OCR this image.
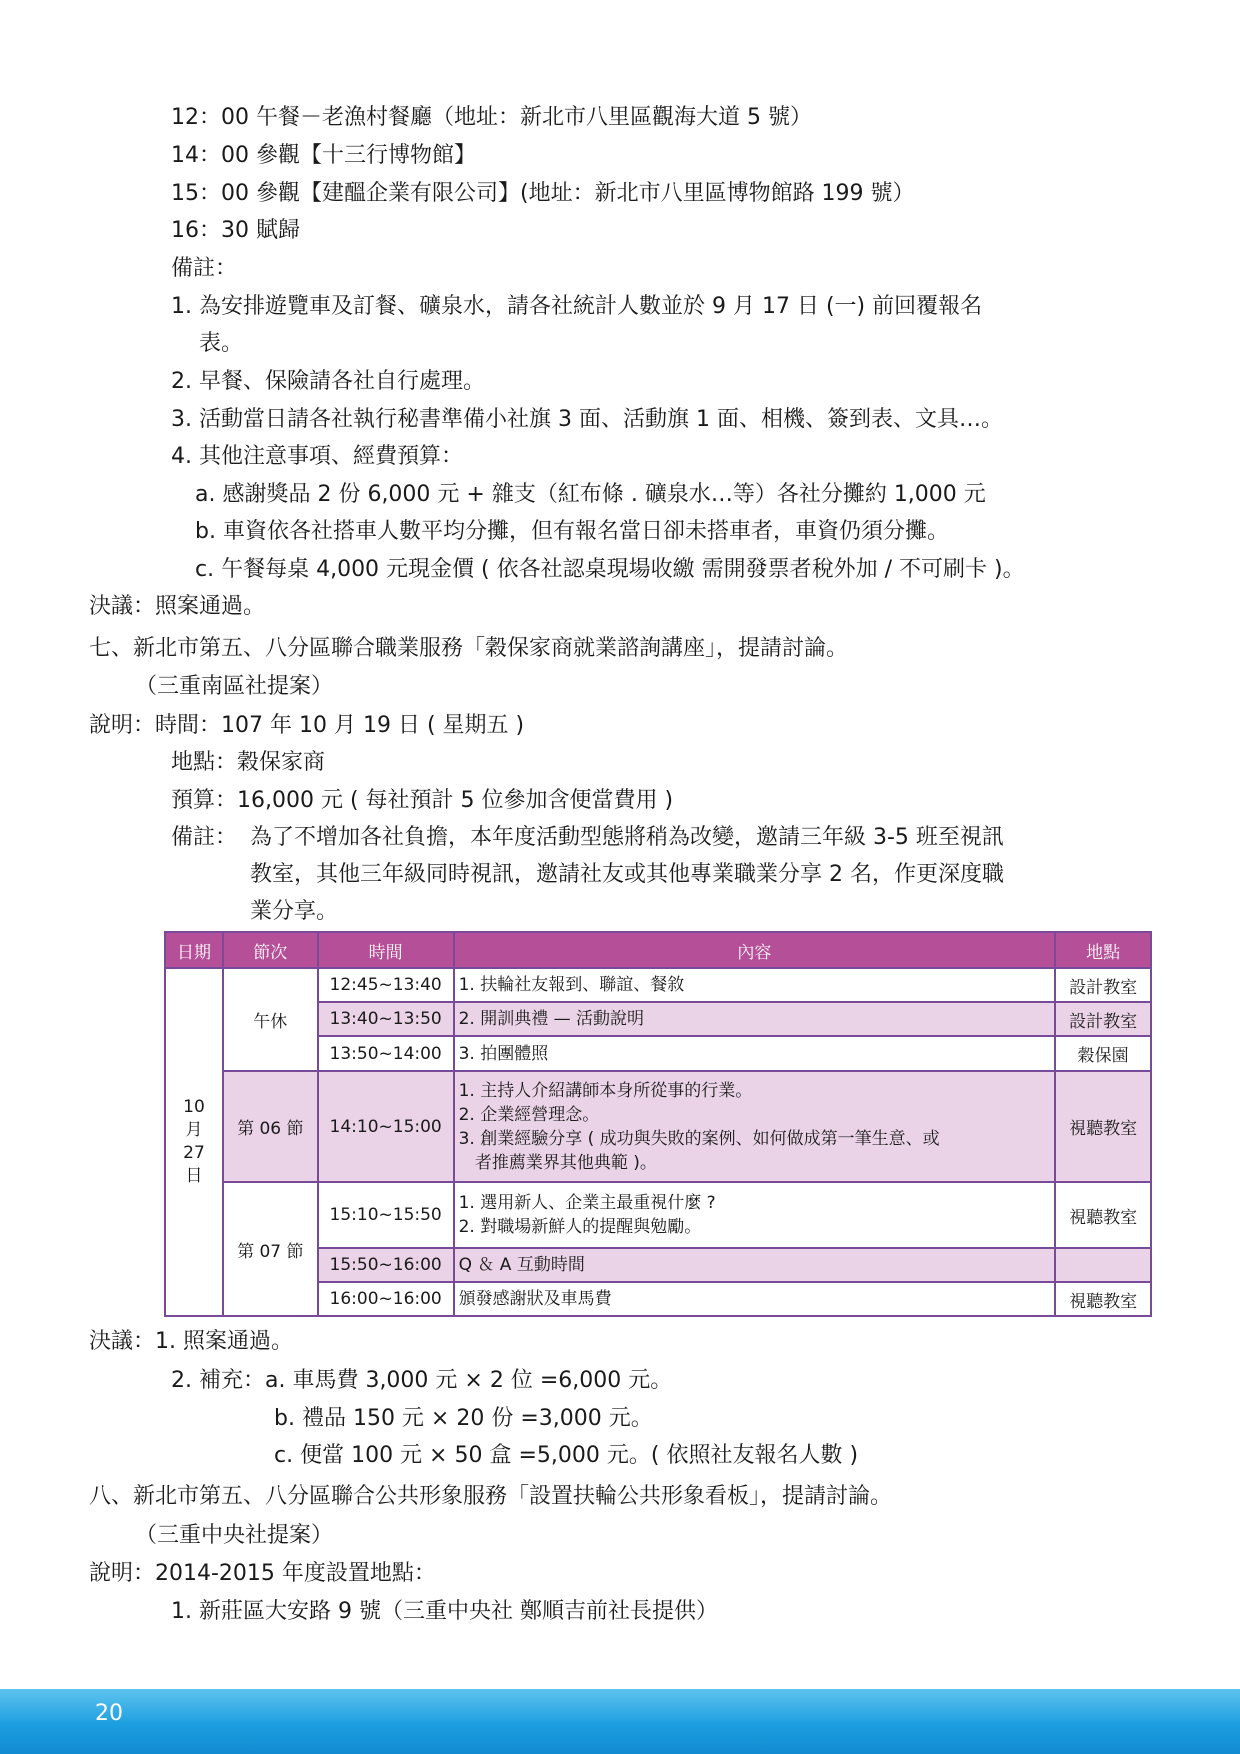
12：00 午餐－老漁村餐廳（地址：新北市八里區觀海大道 5 號）
14：00 參觀【十三行博物館】
15：00 參觀【建醞企業有限公司】(地址：新北市八里區博物館路 199 號）
16：30 賦歸
備註：
1. 為安排遊覽車及訂餐、礦泉水，請各社統計人數並於 9 月 17 日 (一) 前回覆報名
表。
2. 早餐、保險請各社自行處理。
3. 活動當日請各社執行秘書準備小社旗 3 面、活動旗 1 面、相機、簽到表、文具…。
4. 其他注意事項、經費預算：
a. 感謝獎品 2 份 6,000 元 + 雜支（紅布條 . 礦泉水…等）各社分攤約 1,000 元
b. 車資依各社搭車人數平均分攤，但有報名當日卻未搭車者，車資仍須分攤。
c. 午餐每桌 4,000 元現金價 ( 依各社認桌現場收繳 需開發票者稅外加 / 不可刷卡 )。
決議：照案通過。
七、新北市第五、八分區聯合職業服務「穀保家商就業諮詢講座」，提請討論。
（三重南區社提案）
說明：時間：107 年 10 月 19 日 ( 星期五 )
地點：穀保家商
預算：16,000 元 ( 每社預計 5 位參加含便當費用 )
備註： 為了不增加各社負擔，本年度活動型態將稍為改變，邀請三年級 3-5 班至視訊
教室，其他三年級同時視訊，邀請社友或其他專業職業分享 2 名，作更深度職
業分享。
日期	節次	時間	內容	地點

10
月
27
日	午休	12:45~13:40	1. 扶輪社友報到、聯誼、餐敘	設計教室
		13:40~13:50	2. 開訓典禮 — 活動說明	設計教室
		13:50~14:00	3. 拍團體照	穀保園
	第 06 節	14:10~15:00	1. 主持人介紹講師本身所從事的行業。
2. 企業經營理念。
3. 創業經驗分享 ( 成功與失敗的案例、如何做成第一筆生意、或
者推薦業界其他典範 )。	視聽教室
	第 07 節	15:10~15:50	1. 選用新人、企業主最重視什麼 ?
2. 對職場新鮮人的提醒與勉勵。	視聽教室
		15:50~16:00	Q ＆ A 互動時間	
		16:00~16:00	頒發感謝狀及車馬費	視聽教室
決議：1. 照案通過。
2. 補充：a. 車馬費 3,000 元 × 2 位 =6,000 元。
b. 禮品 150 元 × 20 份 =3,000 元。
c. 便當 100 元 × 50 盒 =5,000 元。( 依照社友報名人數 )
八、新北市第五、八分區聯合公共形象服務「設置扶輪公共形象看板」，提請討論。
（三重中央社提案）
說明：2014-2015 年度設置地點：
1. 新莊區大安路 9 號（三重中央社 鄭順吉前社長提供）
20
